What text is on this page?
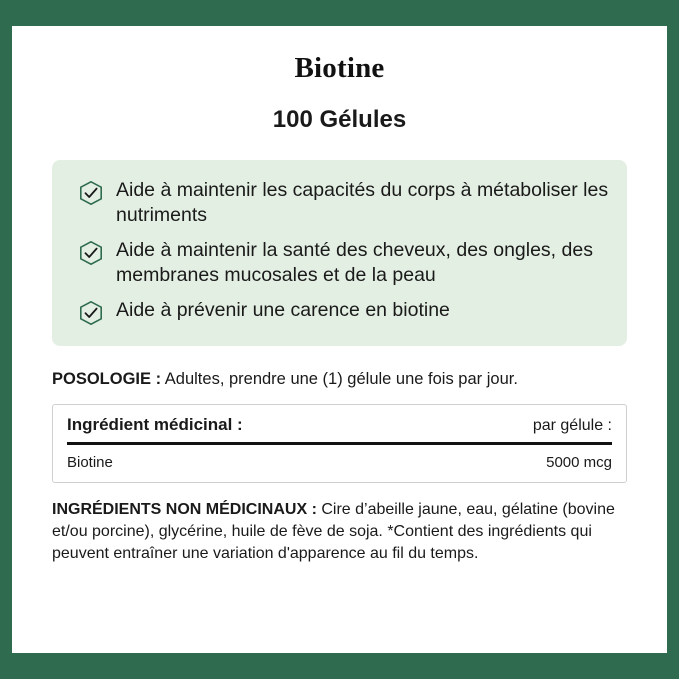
Biotine
100 Gélules
Aide à maintenir les capacités du corps à métaboliser les nutriments
Aide à maintenir la santé des cheveux, des ongles, des membranes mucosales et de la peau
Aide à prévenir une carence en biotine
POSOLOGIE : Adultes, prendre une (1) gélule une fois par jour.
Ingrédient médicinal :	par gélule :
Biotine	5000 mcg
INGRÉDIENTS NON MÉDICINAUX : Cire d’abeille jaune, eau, gélatine (bovine et/ou porcine), glycérine, huile de fève de soja. *Contient des ingrédients qui peuvent entraîner une variation d'apparence au fil du temps.
